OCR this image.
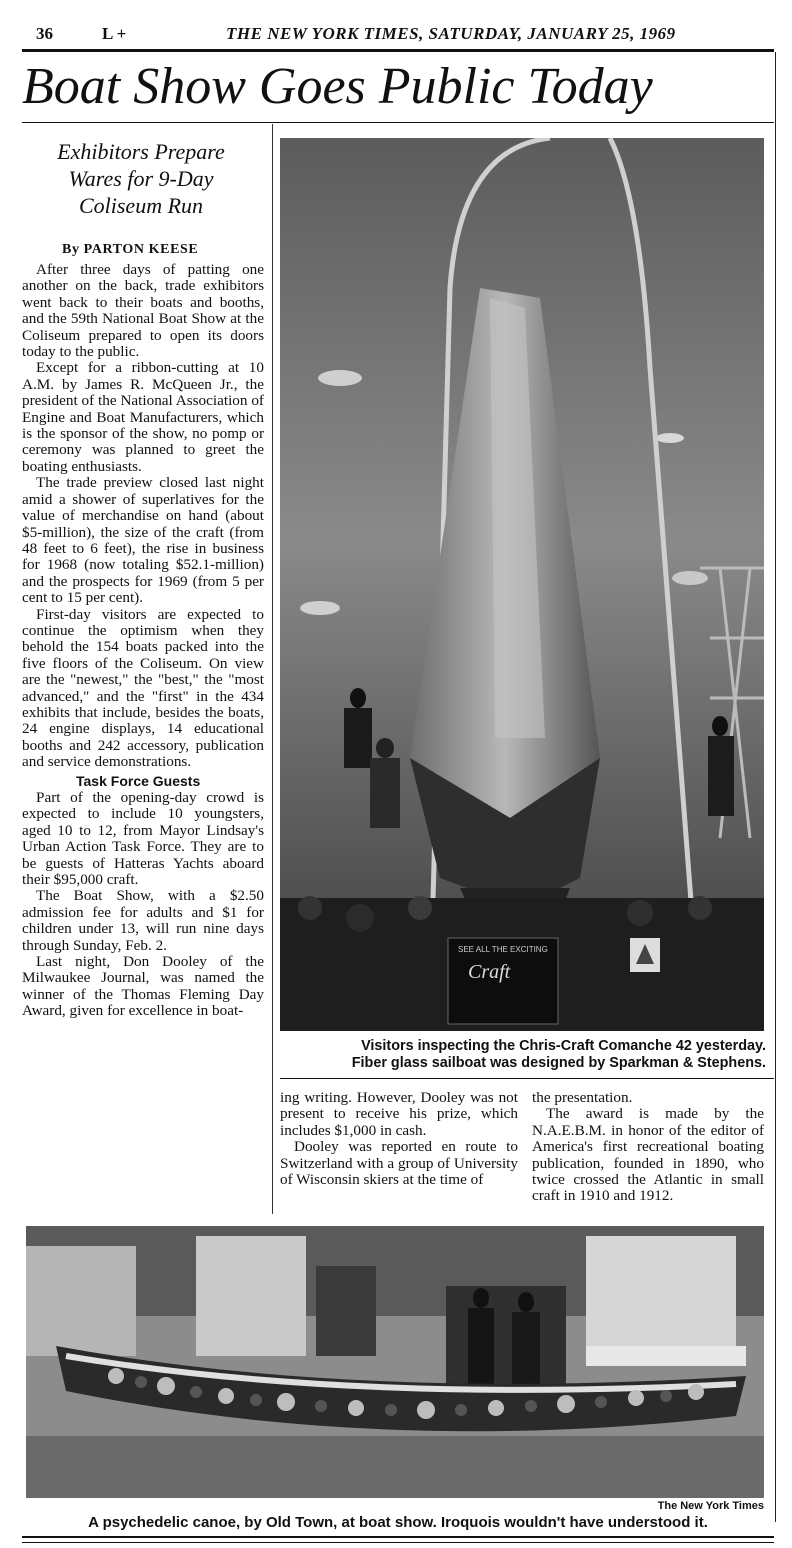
36	L +	THE NEW YORK TIMES, SATURDAY, JANUARY 25, 1969
Boat Show Goes Public Today
Exhibitors Prepare
Wares for 9-Day
Coliseum Run
By PARTON KEESE

After three days of patting one another on the back, trade exhibitors went back to their boats and booths, and the 59th National Boat Show at the Coliseum prepared to open its doors today to the public.

Except for a ribbon-cutting at 10 A.M. by James R. McQueen Jr., the president of the National Association of Engine and Boat Manufacturers, which is the sponsor of the show, no pomp or ceremony was planned to greet the boating enthusiasts.

The trade preview closed last night amid a shower of superlatives for the value of merchandise on hand (about $5-million), the size of the craft (from 48 feet to 6 feet), the rise in business for 1968 (now totaling $52.1-million) and the prospects for 1969 (from 5 per cent to 15 per cent).

First-day visitors are expected to continue the optimism when they behold the 154 boats packed into the five floors of the Coliseum. On view are the "newest," the "best," the "most advanced," and the "first" in the 434 exhibits that include, besides the boats, 24 engine displays, 14 educational booths and 242 accessory, publication and service demonstrations.

Task Force Guests

Part of the opening-day crowd is expected to include 10 youngsters, aged 10 to 12, from Mayor Lindsay's Urban Action Task Force. They are to be guests of Hatteras Yachts aboard their $95,000 craft.

The Boat Show, with a $2.50 admission fee for adults and $1 for children under 13, will run nine days through Sunday, Feb. 2.

Last night, Don Dooley of the Milwaukee Journal, was named the winner of the Thomas Fleming Day Award, given for excellence in boat-

SEE ALL THE EXCITING
Craft
Visitors inspecting the Chris-Craft Comanche 42 yesterday.
Fiber glass sailboat was designed by Sparkman & Stephens.

ing writing. However, Dooley was not present to receive his prize, which includes $1,000 in cash.

Dooley was reported en route to Switzerland with a group of University of Wisconsin skiers at the time of

the presentation.

The award is made by the N.A.E.B.M. in honor of the editor of America's first recreational boating publication, founded in 1890, who twice crossed the Atlantic in small craft in 1910 and 1912.

The New York Times
A psychedelic canoe, by Old Town, at boat show. Iroquois wouldn't have understood it.
